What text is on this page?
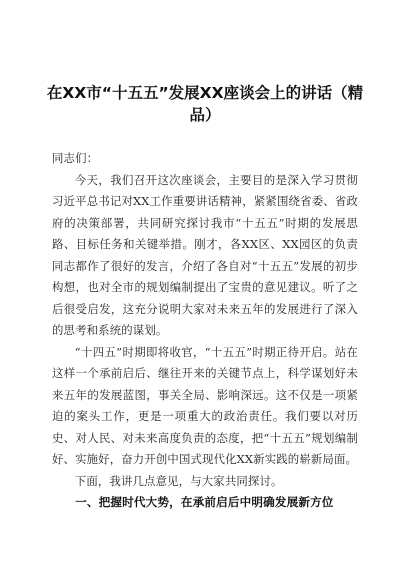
在XX市“十五五”发展XX座谈会上的讲话（精品）

同志们：

今天，我们召开这次座谈会，主要目的是深入学习贯彻习近平总书记对XX工作重要讲话精神，紧紧围绕省委、省政府的决策部署，共同研究探讨我市“十五五”时期的发展思路、目标任务和关键举措。刚才，各XX区、XX园区的负责同志都作了很好的发言，介绍了各自对“十五五”发展的初步构想，也对全市的规划编制提出了宝贵的意见建议。听了之后很受启发，这充分说明大家对未来五年的发展进行了深入的思考和系统的谋划。

“十四五”时期即将收官，“十五五”时期正待开启。站在这样一个承前启后、继往开来的关键节点上，科学谋划好未来五年的发展蓝图，事关全局、影响深远。这不仅是一项紧迫的案头工作，更是一项重大的政治责任。我们要以对历史、对人民、对未来高度负责的态度，把“十五五”规划编制好、实施好，奋力开创中国式现代化XX新实践的崭新局面。

下面，我讲几点意见，与大家共同探讨。

一、把握时代大势，在承前启后中明确发展新方位
